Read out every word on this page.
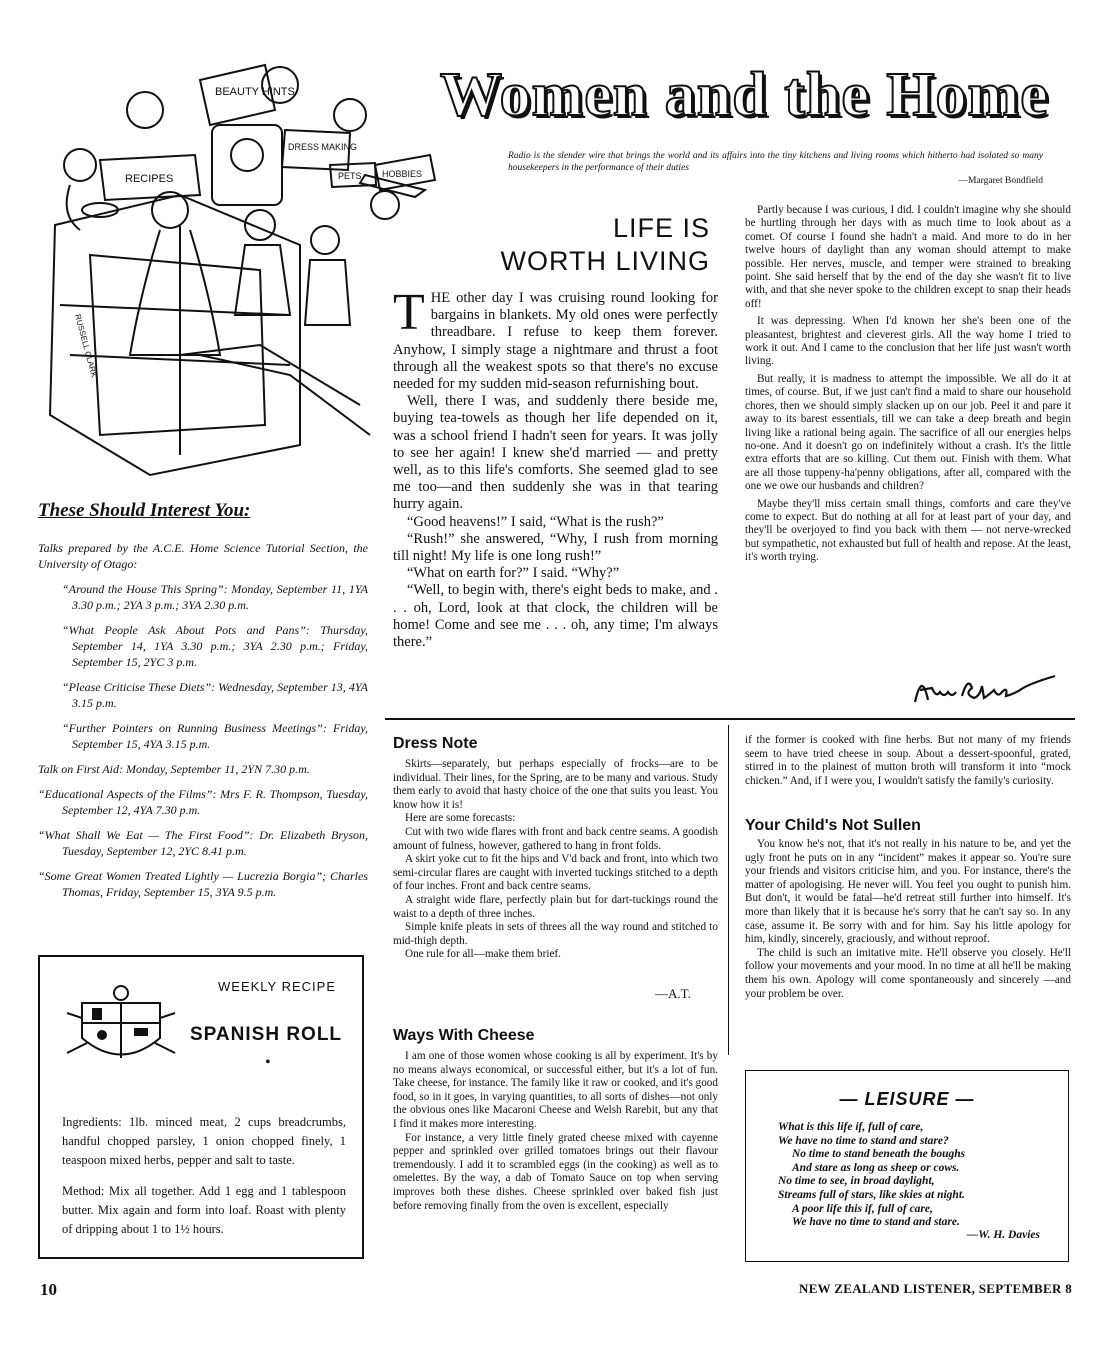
Women and the Home
Radio is the slender wire that brings the world and its affairs into the tiny kitchens and living rooms which hitherto had isolated so many housekeepers in the performance of their duties
—Margaret Bondfield
BEAUTY HINTS
RECIPES
DRESS MAKING
PETS HOBBIES
RUSSELL CLARK
These Should Interest You:

Talks prepared by the A.C.E. Home Science Tutorial Section, the University of Otago:

“Around the House This Spring”: Monday, September 11, 1YA 3.30 p.m.; 2YA 3 p.m.; 3YA 2.30 p.m.

“What People Ask About Pots and Pans”: Thursday, September 14, 1YA 3.30 p.m.; 3YA 2.30 p.m.; Friday, September 15, 2YC 3 p.m.

“Please Criticise These Diets”: Wednesday, September 13, 4YA 3.15 p.m.

“Further Pointers on Running Business Meetings”: Friday, September 15, 4YA 3.15 p.m.

Talk on First Aid: Monday, September 11, 2YN 7.30 p.m.

“Educational Aspects of the Films”: Mrs F. R. Thompson, Tuesday, September 12, 4YA 7.30 p.m.

“What Shall We Eat — The First Food”: Dr. Elizabeth Bryson, Tuesday, September 12, 2YC 8.41 p.m.

“Some Great Women Treated Lightly — Lucrezia Borgia”; Charles Thomas, Friday, September 15, 3YA 9.5 p.m.

WEEKLY RECIPE
SPANISH ROLL
•
Ingredients: 1lb. minced meat, 2 cups breadcrumbs, handful chopped parsley, 1 onion chopped finely, 1 teaspoon mixed herbs, pepper and salt to taste.
Method: Mix all together. Add 1 egg and 1 tablespoon butter. Mix again and form into loaf. Roast with plenty of dripping about 1 to 1½ hours.
LIFE IS
WORTH LIVING

THE other day I was cruising round looking for bargains in blankets. My old ones were perfectly threadbare. I refuse to keep them forever. Anyhow, I simply stage a nightmare and thrust a foot through all the weakest spots so that there's no excuse needed for my sudden mid-season refurnishing bout.

Well, there I was, and suddenly there beside me, buying tea-towels as though her life depended on it, was a school friend I hadn't seen for years. It was jolly to see her again! I knew she'd married — and pretty well, as to this life's comforts. She seemed glad to see me too—and then suddenly she was in that tearing hurry again.

“Good heavens!” I said, “What is the rush?”

“Rush!” she answered, “Why, I rush from morning till night! My life is one long rush!”

“What on earth for?” I said. “Why?”

“Well, to begin with, there's eight beds to make, and . . . oh, Lord, look at that clock, the children will be home! Come and see me . . . oh, any time; I'm always there.”

Partly because I was curious, I did. I couldn't imagine why she should be hurtling through her days with as much time to look about as a comet. Of course I found she hadn't a maid. And more to do in her twelve hours of daylight than any woman should attempt to make possible. Her nerves, muscle, and temper were strained to breaking point. She said herself that by the end of the day she wasn't fit to live with, and that she never spoke to the children except to snap their heads off!

It was depressing. When I'd known her she's been one of the pleasantest, brightest and cleverest girls. All the way home I tried to work it out. And I came to the conclusion that her life just wasn't worth living.

But really, it is madness to attempt the impossible. We all do it at times, of course. But, if we just can't find a maid to share our household chores, then we should simply slacken up on our job. Peel it and pare it away to its barest essentials, till we can take a deep breath and begin living like a rational being again. The sacrifice of all our energies helps no-one. And it doesn't go on indefinitely without a crash. It's the little extra efforts that are so killing. Cut them out. Finish with them. What are all those tuppeny-ha'penny obligations, after all, compared with the one we owe our husbands and children?

Maybe they'll miss certain small things, comforts and care they've come to expect. But do nothing at all for at least part of your day, and they'll be overjoyed to find you back with them — not nerve-wrecked but sympathetic, not exhausted but full of health and repose. At the least, it's worth trying.

Dress Note

Skirts—separately, but perhaps especially of frocks—are to be individual. Their lines, for the Spring, are to be many and various. Study them early to avoid that hasty choice of the one that suits you least. You know how it is!

Here are some forecasts:

Cut with two wide flares with front and back centre seams. A goodish amount of fulness, however, gathered to hang in front folds.

A skirt yoke cut to fit the hips and V'd back and front, into which two semi-circular flares are caught with inverted tuckings stitched to a depth of four inches. Front and back centre seams.

A straight wide flare, perfectly plain but for dart-tuckings round the waist to a depth of three inches.

Simple knife pleats in sets of threes all the way round and stitched to mid-thigh depth.

One rule for all—make them brief.

—A.T.
Ways With Cheese

I am one of those women whose cooking is all by experiment. It's by no means always economical, or successful either, but it's a lot of fun. Take cheese, for instance. The family like it raw or cooked, and it's good food, so in it goes, in varying quantities, to all sorts of dishes—not only the obvious ones like Macaroni Cheese and Welsh Rarebit, but any that I find it makes more interesting.

For instance, a very little finely grated cheese mixed with cayenne pepper and sprinkled over grilled tomatoes brings out their flavour tremendously. I add it to scrambled eggs (in the cooking) as well as to omelettes. By the way, a dab of Tomato Sauce on top when serving improves both these dishes. Cheese sprinkled over baked fish just before removing finally from the oven is excellent, especially

if the former is cooked with fine herbs. But not many of my friends seem to have tried cheese in soup. About a dessert-spoonful, grated, stirred in to the plainest of mutton broth will transform it into “mock chicken.” And, if I were you, I wouldn't satisfy the family's curiosity.
Your Child's Not Sullen

You know he's not, that it's not really in his nature to be, and yet the ugly front he puts on in any “incident” makes it appear so. You're sure your friends and visitors criticise him, and you. For instance, there's the matter of apologising. He never will. You feel you ought to punish him. But don't, it would be fatal—he'd retreat still further into himself. It's more than likely that it is because he's sorry that he can't say so. In any case, assume it. Be sorry with and for him. Say his little apology for him, kindly, sincerely, graciously, and without reproof.

The child is such an imitative mite. He'll observe you closely. He'll follow your movements and your mood. In no time at all he'll be making them his own. Apology will come spontaneously and sincerely —and your problem be over.

— LEISURE —
What is this life if, full of care,
We have no time to stand and stare?
No time to stand beneath the boughs
And stare as long as sheep or cows.
No time to see, in broad daylight,
Streams full of stars, like skies at night.
A poor life this if, full of care,
We have no time to stand and stare.
—W. H. Davies
10	NEW ZEALAND LISTENER, SEPTEMBER 8
